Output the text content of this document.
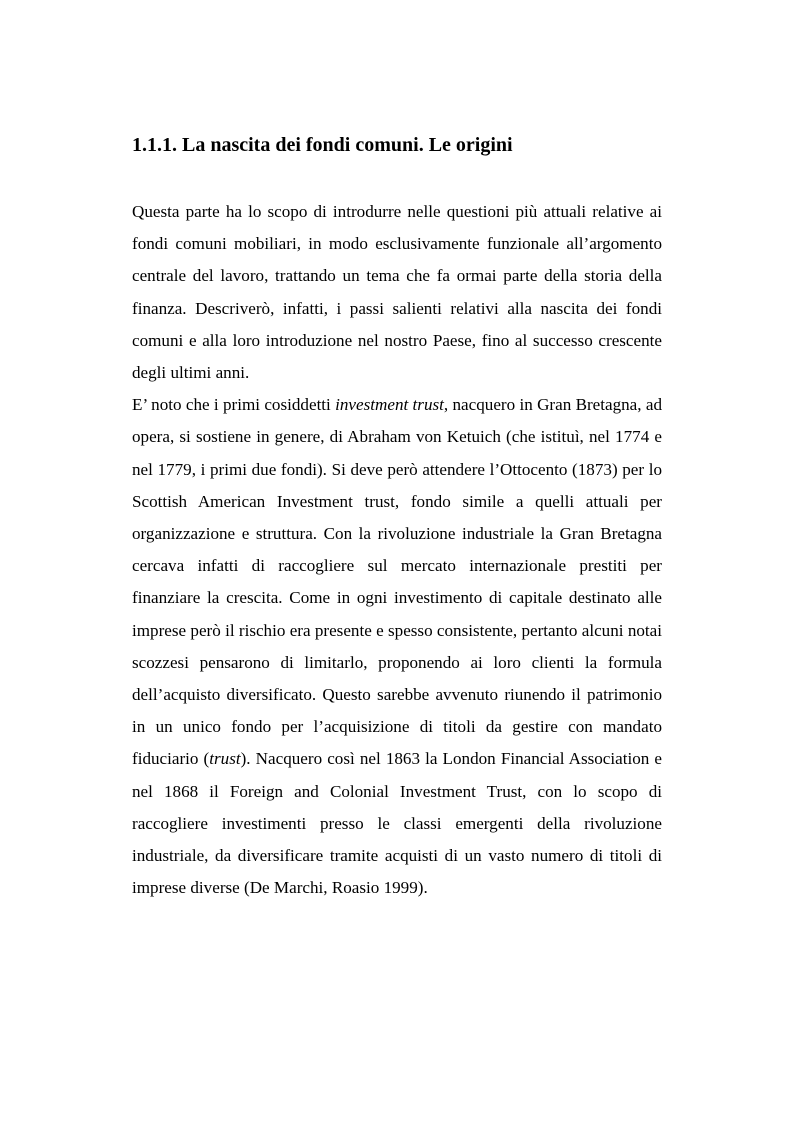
1.1.1. La nascita dei fondi comuni. Le origini

Questa parte ha lo scopo di introdurre nelle questioni più attuali relative ai fondi comuni mobiliari, in modo esclusivamente funzionale all’argomento centrale del lavoro, trattando un tema che fa ormai parte della storia della finanza. Descriverò, infatti, i passi salienti relativi alla nascita dei fondi comuni e alla loro introduzione nel nostro Paese, fino al successo crescente degli ultimi anni.

E’ noto che i primi cosiddetti investment trust, nacquero in Gran Bretagna, ad opera, si sostiene in genere, di Abraham von Ketuich (che istituì, nel 1774 e nel 1779, i primi due fondi). Si deve però attendere l’Ottocento (1873) per lo Scottish American Investment trust, fondo simile a quelli attuali per organizzazione e struttura. Con la rivoluzione industriale la Gran Bretagna cercava infatti di raccogliere sul mercato internazionale prestiti per finanziare la crescita. Come in ogni investimento di capitale destinato alle imprese però il rischio era presente e spesso consistente, pertanto alcuni notai scozzesi pensarono di limitarlo, proponendo ai loro clienti la formula dell’acquisto diversificato. Questo sarebbe avvenuto riunendo il patrimonio in un unico fondo per l’acquisizione di titoli da gestire con mandato fiduciario (trust). Nacquero così nel 1863 la London Financial Association e nel 1868 il Foreign and Colonial Investment Trust, con lo scopo di raccogliere investimenti presso le classi emergenti della rivoluzione industriale, da diversificare tramite acquisti di un vasto numero di titoli di imprese diverse (De Marchi, Roasio 1999).
